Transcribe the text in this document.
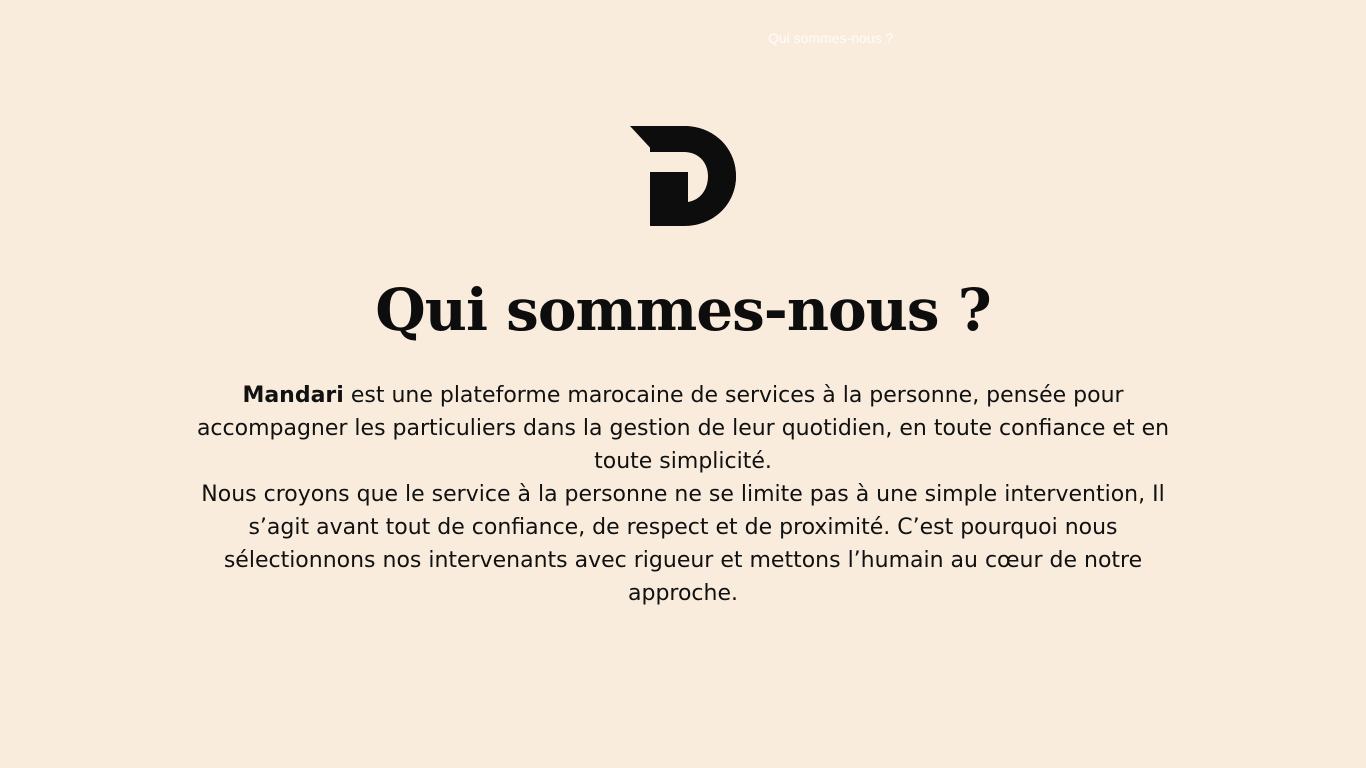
Qui sommes-nous ?
Qui sommes-nous ?

Mandari est une plateforme marocaine de services à la personne, pensée pour accompagner les particuliers dans la gestion de leur quotidien, en toute confiance et en toute simplicité.

Nous croyons que le service à la personne ne se limite pas à une simple intervention, Il s’agit avant tout de confiance, de respect et de proximité. C’est pourquoi nous sélectionnons nos intervenants avec rigueur et mettons l’humain au cœur de notre approche.
